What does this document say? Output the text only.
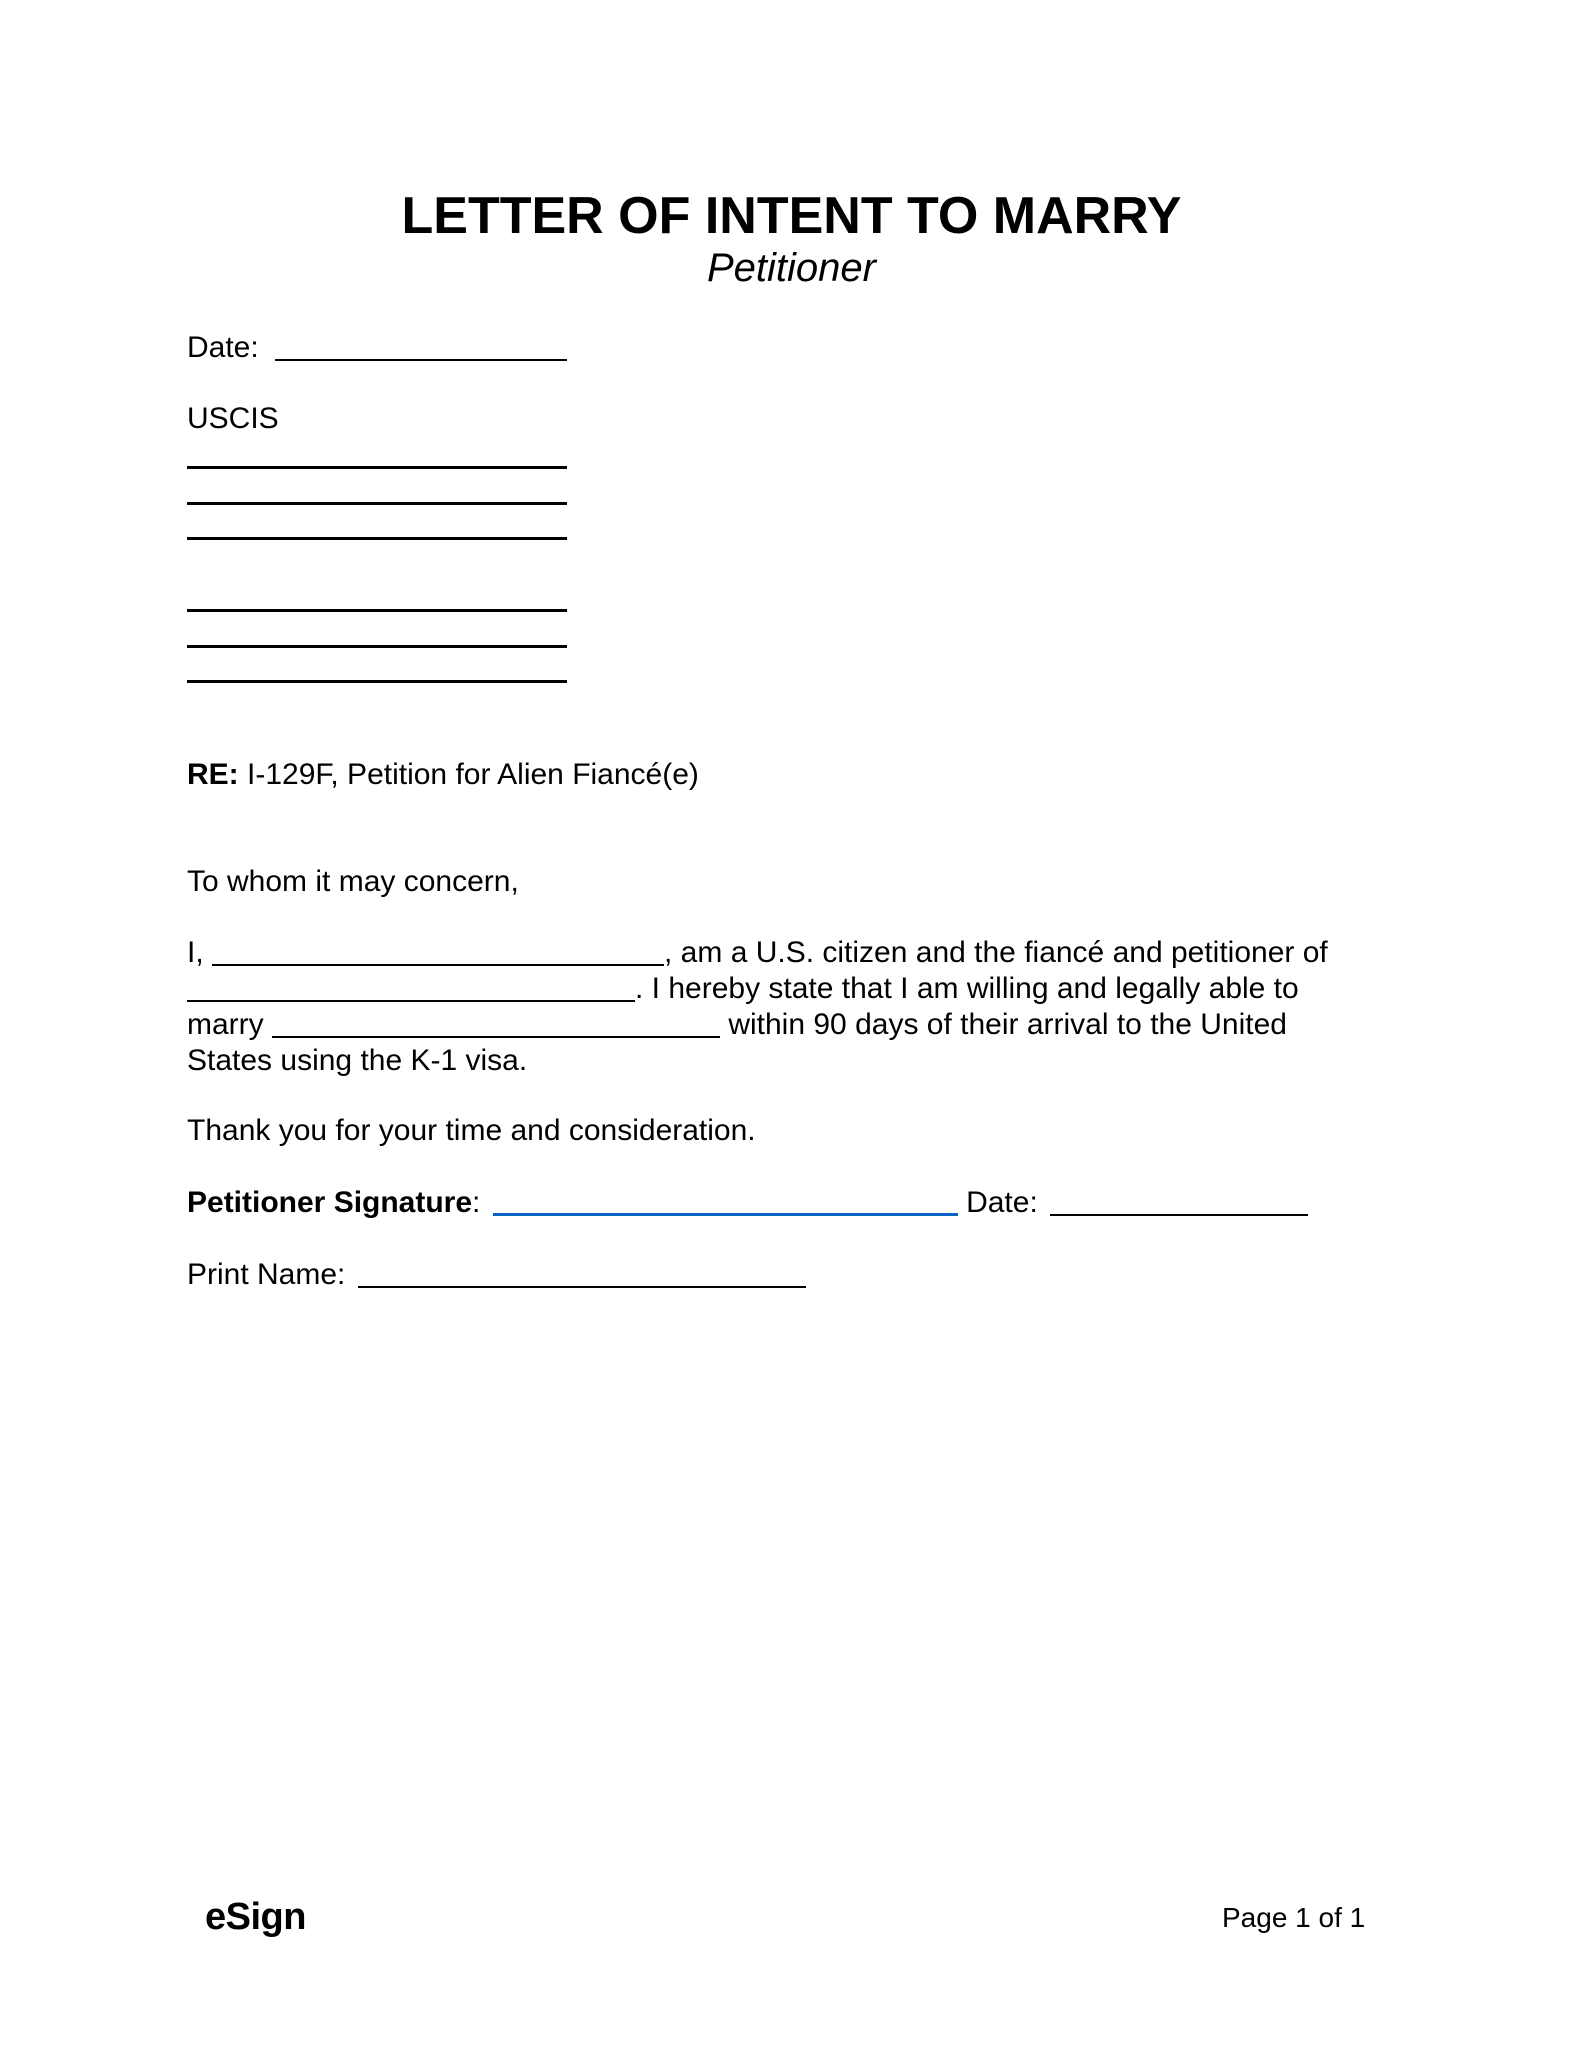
LETTER OF INTENT TO MARRY
Petitioner
Date:
USCIS
RE: I-129F, Petition for Alien Fiancé(e)
To whom it may concern,
I,	, am a U.S. citizen and the fiancé and petitioner of
. I hereby state that I am willing and legally able to
marry	within 90 days of their arrival to the United
States using the K-1 visa.
Thank you for your time and consideration.
Petitioner Signature:	Date:
Print Name:
eSign	Page 1 of 1
